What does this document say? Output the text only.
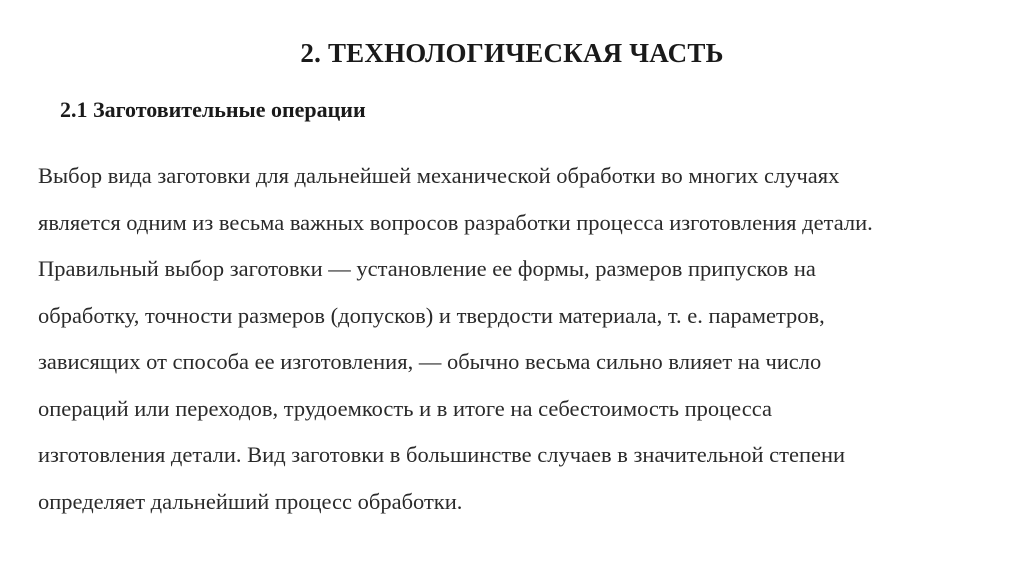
2. ТЕХНОЛОГИЧЕСКАЯ ЧАСТЬ
2.1 Заготовительные операции
Выбор вида заготовки для дальнейшей механической обработки во многих случаях
является одним из весьма важных вопросов разработки процесса изготовления детали.
Правильный выбор заготовки — установление ее формы, размеров припусков на
обработку, точности размеров (допусков) и твердости материала, т. е. параметров,
зависящих от способа ее изготовления, — обычно весьма сильно влияет на число
операций или переходов, трудоемкость и в итоге на себестоимость процесса
изготовления детали. Вид заготовки в большинстве случаев в значительной степени
определяет дальнейший процесс обработки.
